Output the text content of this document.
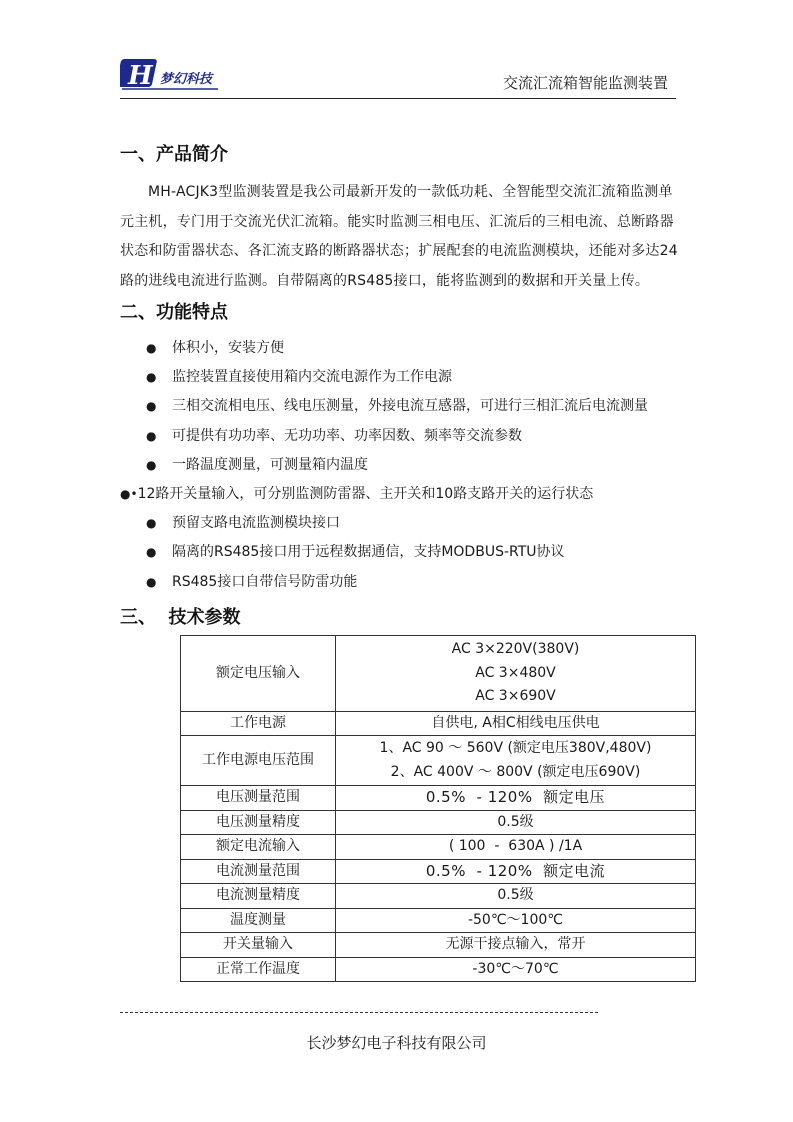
H 梦幻科技	交流汇流箱智能监测装置
一、产品简介

MH-ACJK3型监测装置是我公司最新开发的一款低功耗、全智能型交流汇流箱监测单元主机，专门用于交流光伏汇流箱。能实时监测三相电压、汇流后的三相电流、总断路器状态和防雷器状态、各汇流支路的断路器状态；扩展配套的电流监测模块，还能对多达24路的进线电流进行监测。自带隔离的RS485接口，能将监测到的数据和开关量上传。

二、功能特点
● 体积小，安装方便
● 监控装置直接使用箱内交流电源作为工作电源
● 三相交流相电压、线电压测量，外接电流互感器，可进行三相汇流后电流测量
● 可提供有功功率、无功功率、功率因数、频率等交流参数
● 一路温度测量，可测量箱内温度
●•12路开关量输入，可分别监测防雷器、主开关和10路支路开关的运行状态
● 预留支路电流监测模块接口
● 隔离的RS485接口用于远程数据通信，支持MODBUS-RTU协议
● RS485接口自带信号防雷功能
三、  技术参数
额定电压输入	AC 3×220V(380V)
AC 3×480V
AC 3×690V

工作电源	自供电, A相C相线电压供电
工作电源电压范围	1、AC 90 ～ 560V (额定电压380V,480V)
2、AC 400V ～ 800V (额定电压690V)

电压测量范围	0.5%  - 120%  额定电压
电压测量精度	0.5级
额定电流输入	( 100  -  630A ) /1A
电流测量范围	0.5%  - 120%  额定电流
电流测量精度	0.5级
温度测量	-50℃～100℃
开关量输入	无源干接点输入，常开
正常工作温度	-30℃～70℃
长沙梦幻电子科技有限公司
